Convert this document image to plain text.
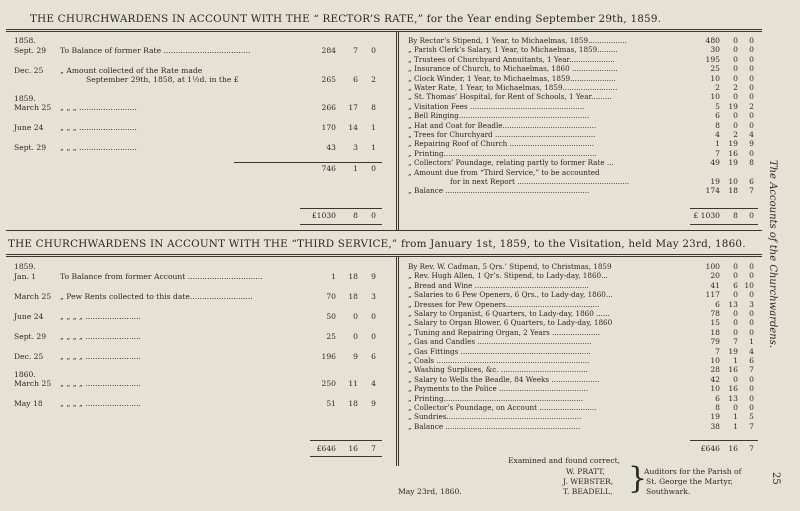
THE CHURCHWARDENS IN ACCOUNT WITH THE “ RECTOR’S RATE,” for the Year ending September 29th, 1859.
1858.
Sept. 29 To Balance of former Rate ....................................	284	7	0
Dec. 25 „ Amount collected of the Rate made
September 29th, 1858, at 1½d. in the £	265	6	2
1859.
March 25 „ „ „ ........................	266	17	8
June 24 „ „ „ ........................	170	14	1
Sept. 29 „ „ „ ........................	43	3	1
By Rector’s Stipend, 1 Year, to Michaelmas, 1859.................	480	0	0
„ Parish Clerk’s Salary, 1 Year, to Michaelmas, 1859.........	30	0	0
„ Trustees of Churchyard Annuitants, 1 Year....................	195	0	0
„ Insurance of Church, to Michaelmas, 1860 ....................	25	0	0
„ Clock Winder, 1 Year, to Michaelmas, 1859....................	10	0	0
„ Water Rate, 1 Year, to Michaelmas, 1859........................	2	2	0
„ St. Thomas’ Hospital, for Rent of Schools, 1 Year.........	10	0	0
„ Visitation Fees ..................................................	5	19	2
„ Bell Ringing.........................................................	6	0	0
„ Hat and Coat for Beadle.........................................	8	0	0
„ Trees for Churchyard ............................................	4	2	4
„ Repairing Roof of Church .....................................	1	19	9
„ Printing...................................................................	7	16	0
„ Collectors’ Poundage, relating partly to former Rate ...	49	19	8
„ Amount due from “Third Service,” to be accounted
for in next Report .................................................	19	10	6
„ Balance ...............................................................	174	18	7
746	1	0
£1030	8	0	£ 1030	8	0
THE CHURCHWARDENS IN ACCOUNT WITH THE “THIRD SERVICE,” from January 1st, 1859, to the Visitation, held May 23rd, 1860.
1859.
Jan. 1	To Balance from former Account ...............................	1	18	9
March 25 „ Pew Rents collected to this date..........................	70	18	3
June 24 „ „ „ „ .......................	50	0	0
Sept. 29 „ „ „ „ .......................	25	0	0
Dec. 25 „ „ „ „ .......................	196	9	6
1860.
March 25 „ „ „ „ .......................	250	11	4
May 18 „ „ „ „ .......................	51	18	9
By Rev. W. Cadman, 5 Qrs.’ Stipend, to Christmas, 1859	100	0	0
„ Rev. Hugh Allen, 1 Qr’s. Stipend, to Lady-day, 1860...	20	0	0
„ Bread and Wine ..................................................	41	6 10
„ Salaries to 6 Pew Openers, 6 Qrs., to Lady-day, 1860...	117	0	0
„ Dresses for Pew Openers.........................................	6	13	3
„ Salary to Organist, 6 Quarters, to Lady-day, 1860 ......	78	0	0
„ Salary to Organ Blower, 6 Quarters, to Lady-day, 1860	15	0	0
„ Tuning and Repairing Organ, 2 Years .....................	18	0	0
„ Gas and Candles ..................................................	79	7	1
„ Gas Fittings .........................................................	7	19	4
„ Coals ...................................................................	10	1	6
„ Washing Surplices, &c. ......................................	28	16	7
„ Salary to Wells the Beadle, 84 Weeks .....................	42	0	0
„ Payments to the Police .......................................	10	16	0
„ Printing.............................................................	6	13	0
„ Collector’s Poundage, on Account .........................	8	0	0
„ Sundries...........................................................	19	1	5
„ Balance ...........................................................	38	1	7
£646	16	7	£646	16	7
Examined and found correct,
W. PRATT,
J. WEBSTER,
T. BEADELL, }
Auditors for the Parish of
St. George the Martyr,
Southwark.
May 23rd, 1860.
The Accounts of the Churchwardens.
25
